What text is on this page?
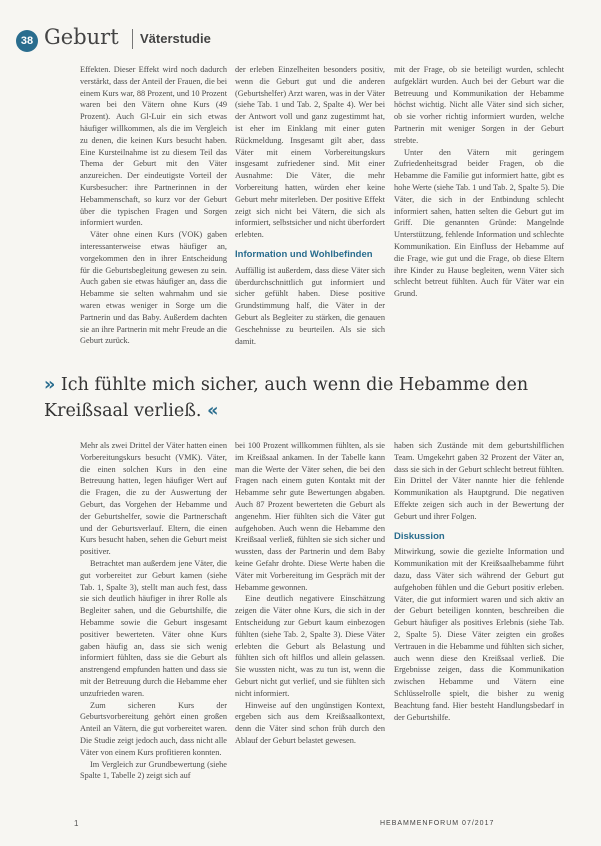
38 Geburt Väterstudie

Effekten. Dieser Effekt wird noch dadurch verstärkt, dass der Anteil der Frauen, die bei einem Kurs war, 88 Prozent, und 10 Prozent waren bei den Vätern ohne Kurs (49 Prozent). Auch Gl-Luir ein sich etwas häufiger willkommen, als die im Vergleich zu denen, die keinen Kurs besucht haben. Eine Kursteilnahme ist zu diesem Teil das Thema der Geburt mit den Väter anzureichen. Der eindeutigste Vorteil der Kursbesucher: ihre Partnerinnen in der Hebammenschaft, so kurz vor der Geburt über die typischen Fragen und Sorgen informiert wurden.

Väter ohne einen Kurs (VOK) gaben interessanterweise etwas häufiger an, vorgekommen den in ihrer Entscheidung für die Geburtsbegleitung gewesen zu sein. Auch gaben sie etwas häufiger an, dass die Hebamme sie selten wahrnahm und sie waren etwas weniger in Sorge um die Partnerin und das Baby. Außerdem dachten sie an ihre Partnerin mit mehr Freude an die Geburt zurück.

der erleben Einzelheiten besonders positiv, wenn die Geburt gut und die anderen (Geburtshelfer) Arzt waren, was in der Väter (siehe Tab. 1 und Tab. 2, Spalte 4). Wer bei der Antwort voll und ganz zugestimmt hat, ist eher im Einklang mit einer guten Rückmeldung. Insgesamt gilt aber, dass Väter mit einem Vorbereitungskurs insgesamt zufriedener sind. Mit einer Ausnahme: Die Väter, die mehr Vorbereitung hatten, würden eher keine Geburt mehr miterleben. Der positive Effekt zeigt sich nicht bei Vätern, die sich als informiert, selbstsicher und nicht überfordert erlebten.

Information und Wohlbefinden

Auffällig ist außerdem, dass diese Väter sich überdurchschnittlich gut informiert und sicher gefühlt haben. Diese positive Grundstimmung half, die Väter in der Geburt als Begleiter zu stärken, die genauen Geschehnisse zu beurteilen. Als sie sich damit.

mit der Frage, ob sie beteiligt wurden, schlecht aufgeklärt wurden. Auch bei der Geburt war die Betreuung und Kommunikation der Hebamme höchst wichtig. Nicht alle Väter sind sich sicher, ob sie vorher richtig informiert wurden, welche Partnerin mit weniger Sorgen in der Geburt strebte.

Unter den Vätern mit geringem Zufriedenheitsgrad beider Fragen, ob die Hebamme die Familie gut informiert hatte, gibt es hohe Werte (siehe Tab. 1 und Tab. 2, Spalte 5). Die Väter, die sich in der Entbindung schlecht informiert sahen, hatten selten die Geburt gut im Griff. Die genannten Gründe: Mangelnde Unterstützung, fehlende Information und schlechte Kommunikation. Ein Einfluss der Hebamme auf die Frage, wie gut und die Frage, ob diese Eltern ihre Kinder zu Hause begleiten, wenn Väter sich schlecht betreut fühlten. Auch für Väter war ein Grund.

» Ich fühlte mich sicher, auch wenn die Hebamme den Kreißsaal verließ. «

Mehr als zwei Drittel der Väter hatten einen Vorbereitungskurs besucht (VMK). Väter, die einen solchen Kurs in den eine Betreuung hatten, legen häufiger Wert auf die Fragen, die zu der Auswertung der Geburt, das Vorgehen der Hebamme und der Geburtshelfer, sowie die Partnerschaft und der Geburtsverlauf. Eltern, die einen Kurs besucht haben, sehen die Geburt meist positiver.

Betrachtet man außerdem jene Väter, die gut vorbereitet zur Geburt kamen (siehe Tab. 1, Spalte 3), stellt man auch fest, dass sie sich deutlich häufiger in ihrer Rolle als Begleiter sahen, und die Geburtshilfe, die Hebamme sowie die Geburt insgesamt positiver bewerteten. Väter ohne Kurs gaben häufig an, dass sie sich wenig informiert fühlten, dass sie die Geburt als anstrengend empfunden hatten und dass sie mit der Betreuung durch die Hebamme eher unzufrieden waren.

Zum sicheren Kurs der Geburtsvorbereitung gehört einen großen Anteil an Vätern, die gut vorbereitet waren. Die Studie zeigt jedoch auch, dass nicht alle Väter von einem Kurs profitieren konnten.

Im Vergleich zur Grundbewertung (siehe Spalte 1, Tabelle 2) zeigt sich auf

bei 100 Prozent willkommen fühlten, als sie im Kreißsaal ankamen. In der Tabelle kann man die Werte der Väter sehen, die bei den Fragen nach einem guten Kontakt mit der Hebamme sehr gute Bewertungen abgaben. Auch 87 Prozent bewerteten die Geburt als angenehm. Hier fühlten sich die Väter gut aufgehoben. Auch wenn die Hebamme den Kreißsaal verließ, fühlten sie sich sicher und wussten, dass der Partnerin und dem Baby keine Gefahr drohte. Diese Werte haben die Väter mit Vorbereitung im Gespräch mit der Hebamme gewonnen.

Eine deutlich negativere Einschätzung zeigen die Väter ohne Kurs, die sich in der Entscheidung zur Geburt kaum einbezogen fühlten (siehe Tab. 2, Spalte 3). Diese Väter erlebten die Geburt als Belastung und fühlten sich oft hilflos und allein gelassen. Sie wussten nicht, was zu tun ist, wenn die Geburt nicht gut verlief, und sie fühlten sich nicht informiert.

Hinweise auf den ungünstigen Kontext, ergeben sich aus dem Kreißsaalkontext, denn die Väter sind schon früh durch den Ablauf der Geburt belastet gewesen.

haben sich Zustände mit dem geburtshilflichen Team. Umgekehrt gaben 32 Prozent der Väter an, dass sie sich in der Geburt schlecht betreut fühlten. Ein Drittel der Väter nannte hier die fehlende Kommunikation als Hauptgrund. Die negativen Effekte zeigen sich auch in der Bewertung der Geburt und ihrer Folgen.

Diskussion

Mitwirkung, sowie die gezielte Information und Kommunikation mit der Kreißsaalhebamme führt dazu, dass Väter sich während der Geburt gut aufgehoben fühlen und die Geburt positiv erleben. Väter, die gut informiert waren und sich aktiv an der Geburt beteiligen konnten, beschreiben die Geburt häufiger als positives Erlebnis (siehe Tab. 2, Spalte 5). Diese Väter zeigten ein großes Vertrauen in die Hebamme und fühlten sich sicher, auch wenn diese den Kreißsaal verließ. Die Ergebnisse zeigen, dass die Kommunikation zwischen Hebamme und Vätern eine Schlüsselrolle spielt, die bisher zu wenig Beachtung fand. Hier besteht Handlungsbedarf in der Geburtshilfe.

1	HEBAMMENFORUM 07/2017
